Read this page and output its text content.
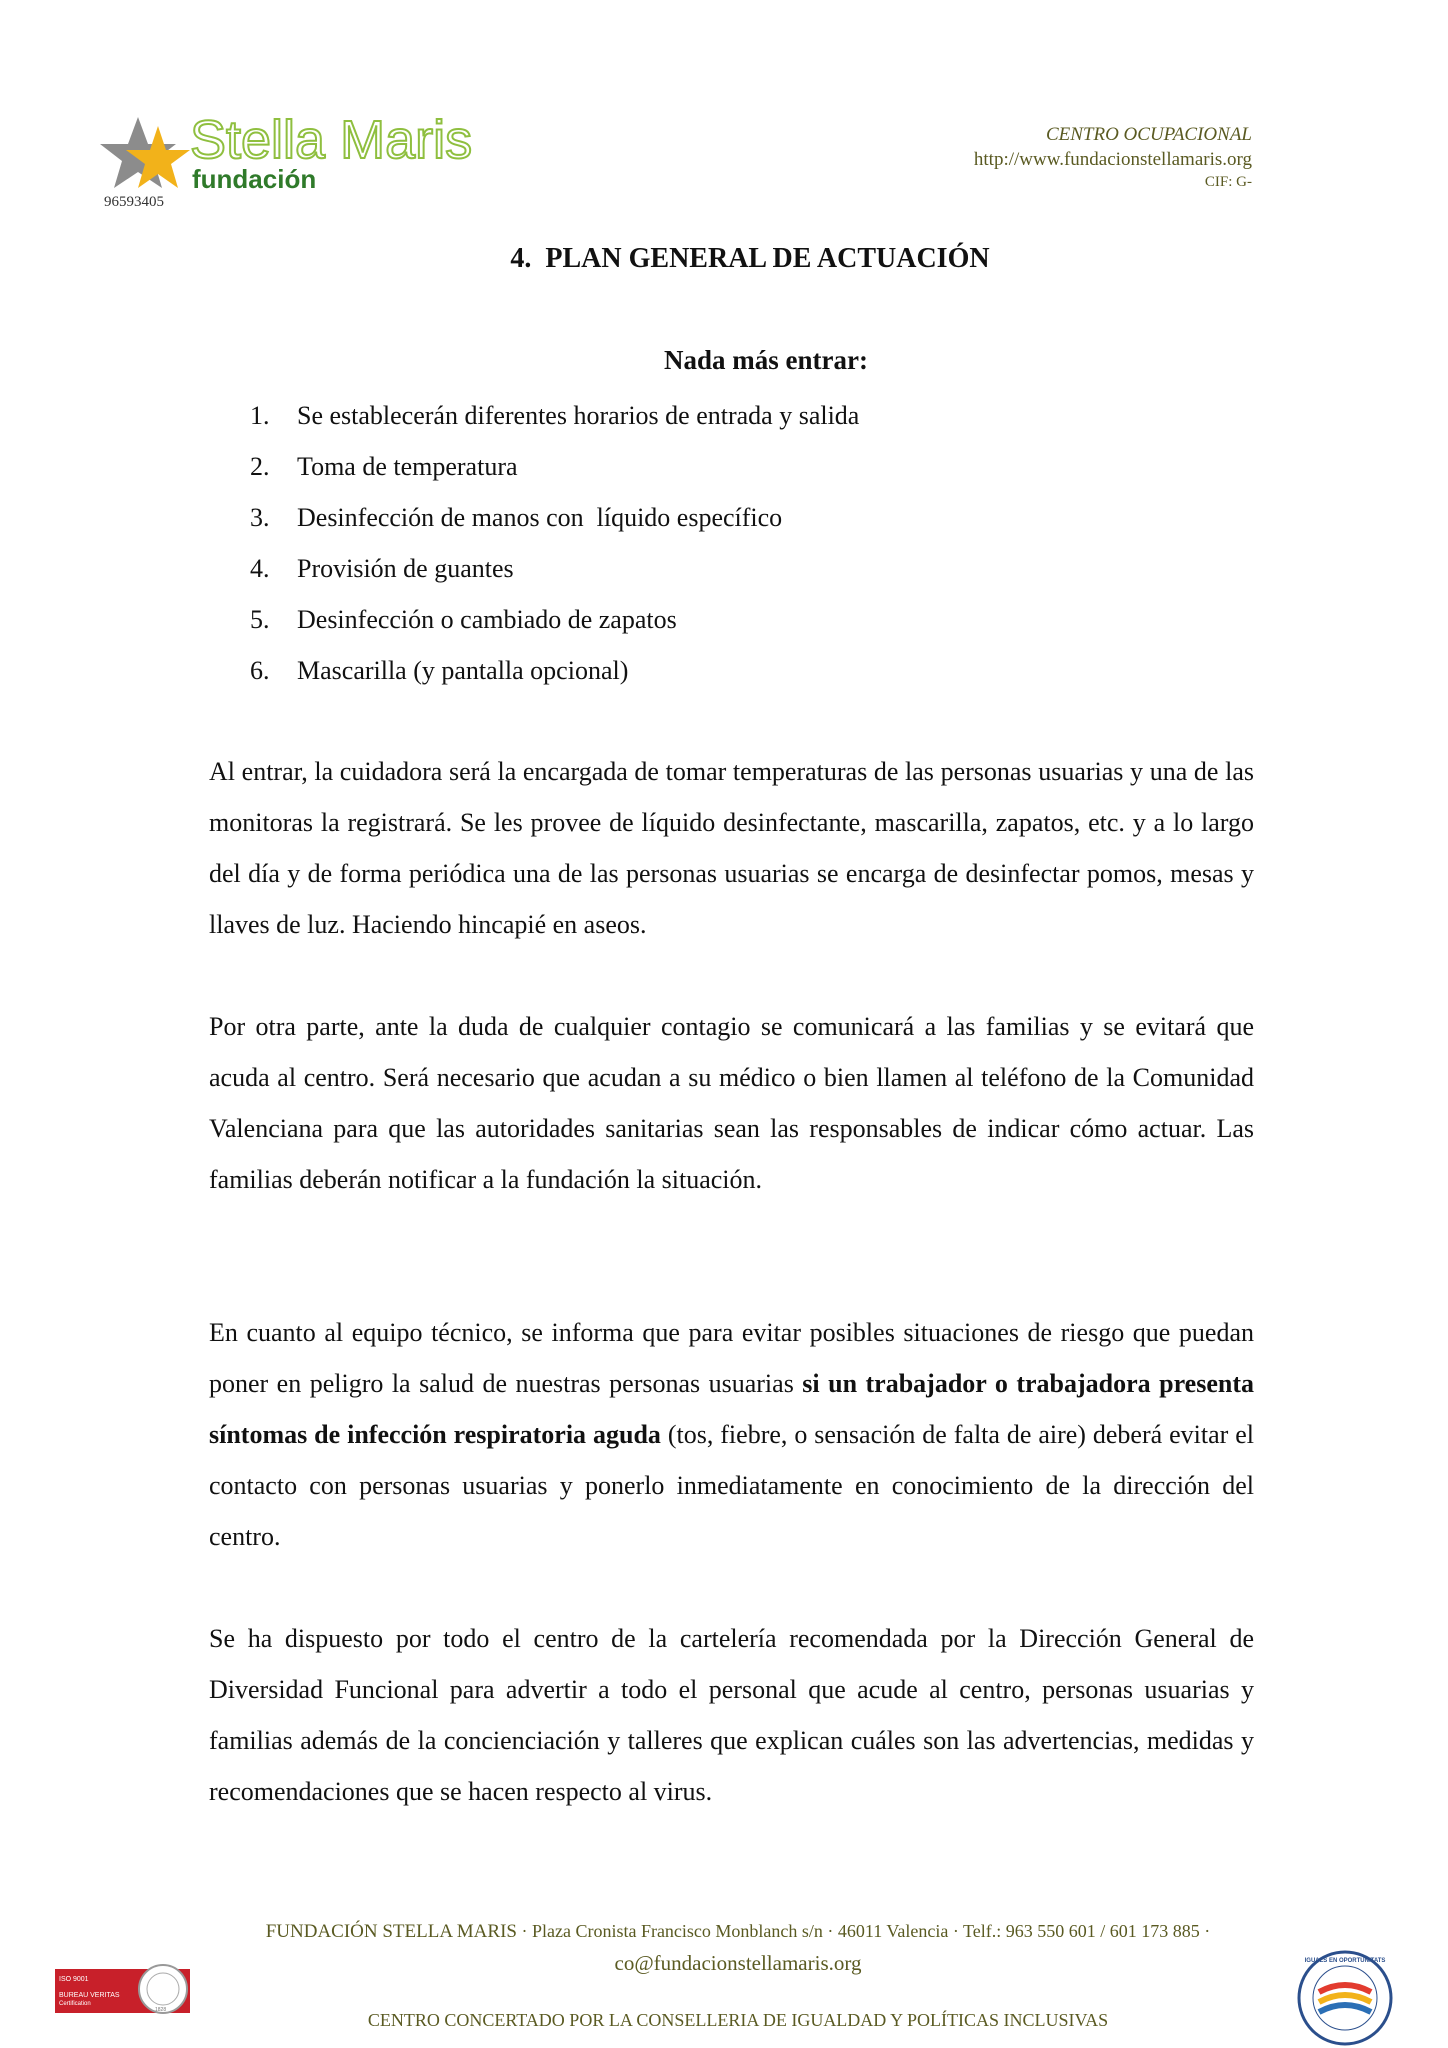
Stella Maris
fundación
96593405
CENTRO OCUPACIONAL
http://www.fundacionstellamaris.org
CIF: G-
4.  PLAN GENERAL DE ACTUACIÓN
Nada más entrar:
1. Se establecerán diferentes horarios de entrada y salida
2. Toma de temperatura
3. Desinfección de manos con  líquido específico
4. Provisión de guantes
5. Desinfección o cambiado de zapatos
6. Mascarilla (y pantalla opcional)

Al entrar, la cuidadora será la encargada de tomar temperaturas de las personas usuarias y una de las monitoras la registrará. Se les provee de líquido desinfectante, mascarilla, zapatos, etc. y a lo largo del día y de forma periódica una de las personas usuarias se encarga de desinfectar pomos, mesas y llaves de luz. Haciendo hincapié en aseos.

Por otra parte, ante la duda de cualquier contagio se comunicará a las familias y se evitará que acuda al centro. Será necesario que acudan a su médico o bien llamen al teléfono de la Comunidad Valenciana para que las autoridades sanitarias sean las responsables de indicar cómo actuar. Las familias deberán notificar a la fundación la situación.

En cuanto al equipo técnico, se informa que para evitar posibles situaciones de riesgo que puedan poner en peligro la salud de nuestras personas usuarias si un trabajador o trabajadora presenta síntomas de infección respiratoria aguda (tos, fiebre, o sensación de falta de aire) deberá evitar el contacto con personas usuarias y ponerlo inmediatamente en conocimiento de la dirección del centro.

Se ha dispuesto por todo el centro de la cartelería recomendada por la Dirección General de Diversidad Funcional para advertir a todo el personal que acude al centro, personas usuarias y familias además de la concienciación y talleres que explican cuáles son las advertencias, medidas y recomendaciones que se hacen respecto al virus.

FUNDACIÓN STELLA MARIS · Plaza Cronista Francisco Monblanch s/n · 46011 Valencia · Telf.: 963 550 601 / 601 173 885 ·
co@fundacionstellamaris.org
CENTRO CONCERTADO POR LA CONSELLERIA DE IGUALDAD Y POLÍTICAS INCLUSIVAS
ISO 9001
BUREAU VERITAS
Certification
1828
IGUALS EN OPORTUNITATS
